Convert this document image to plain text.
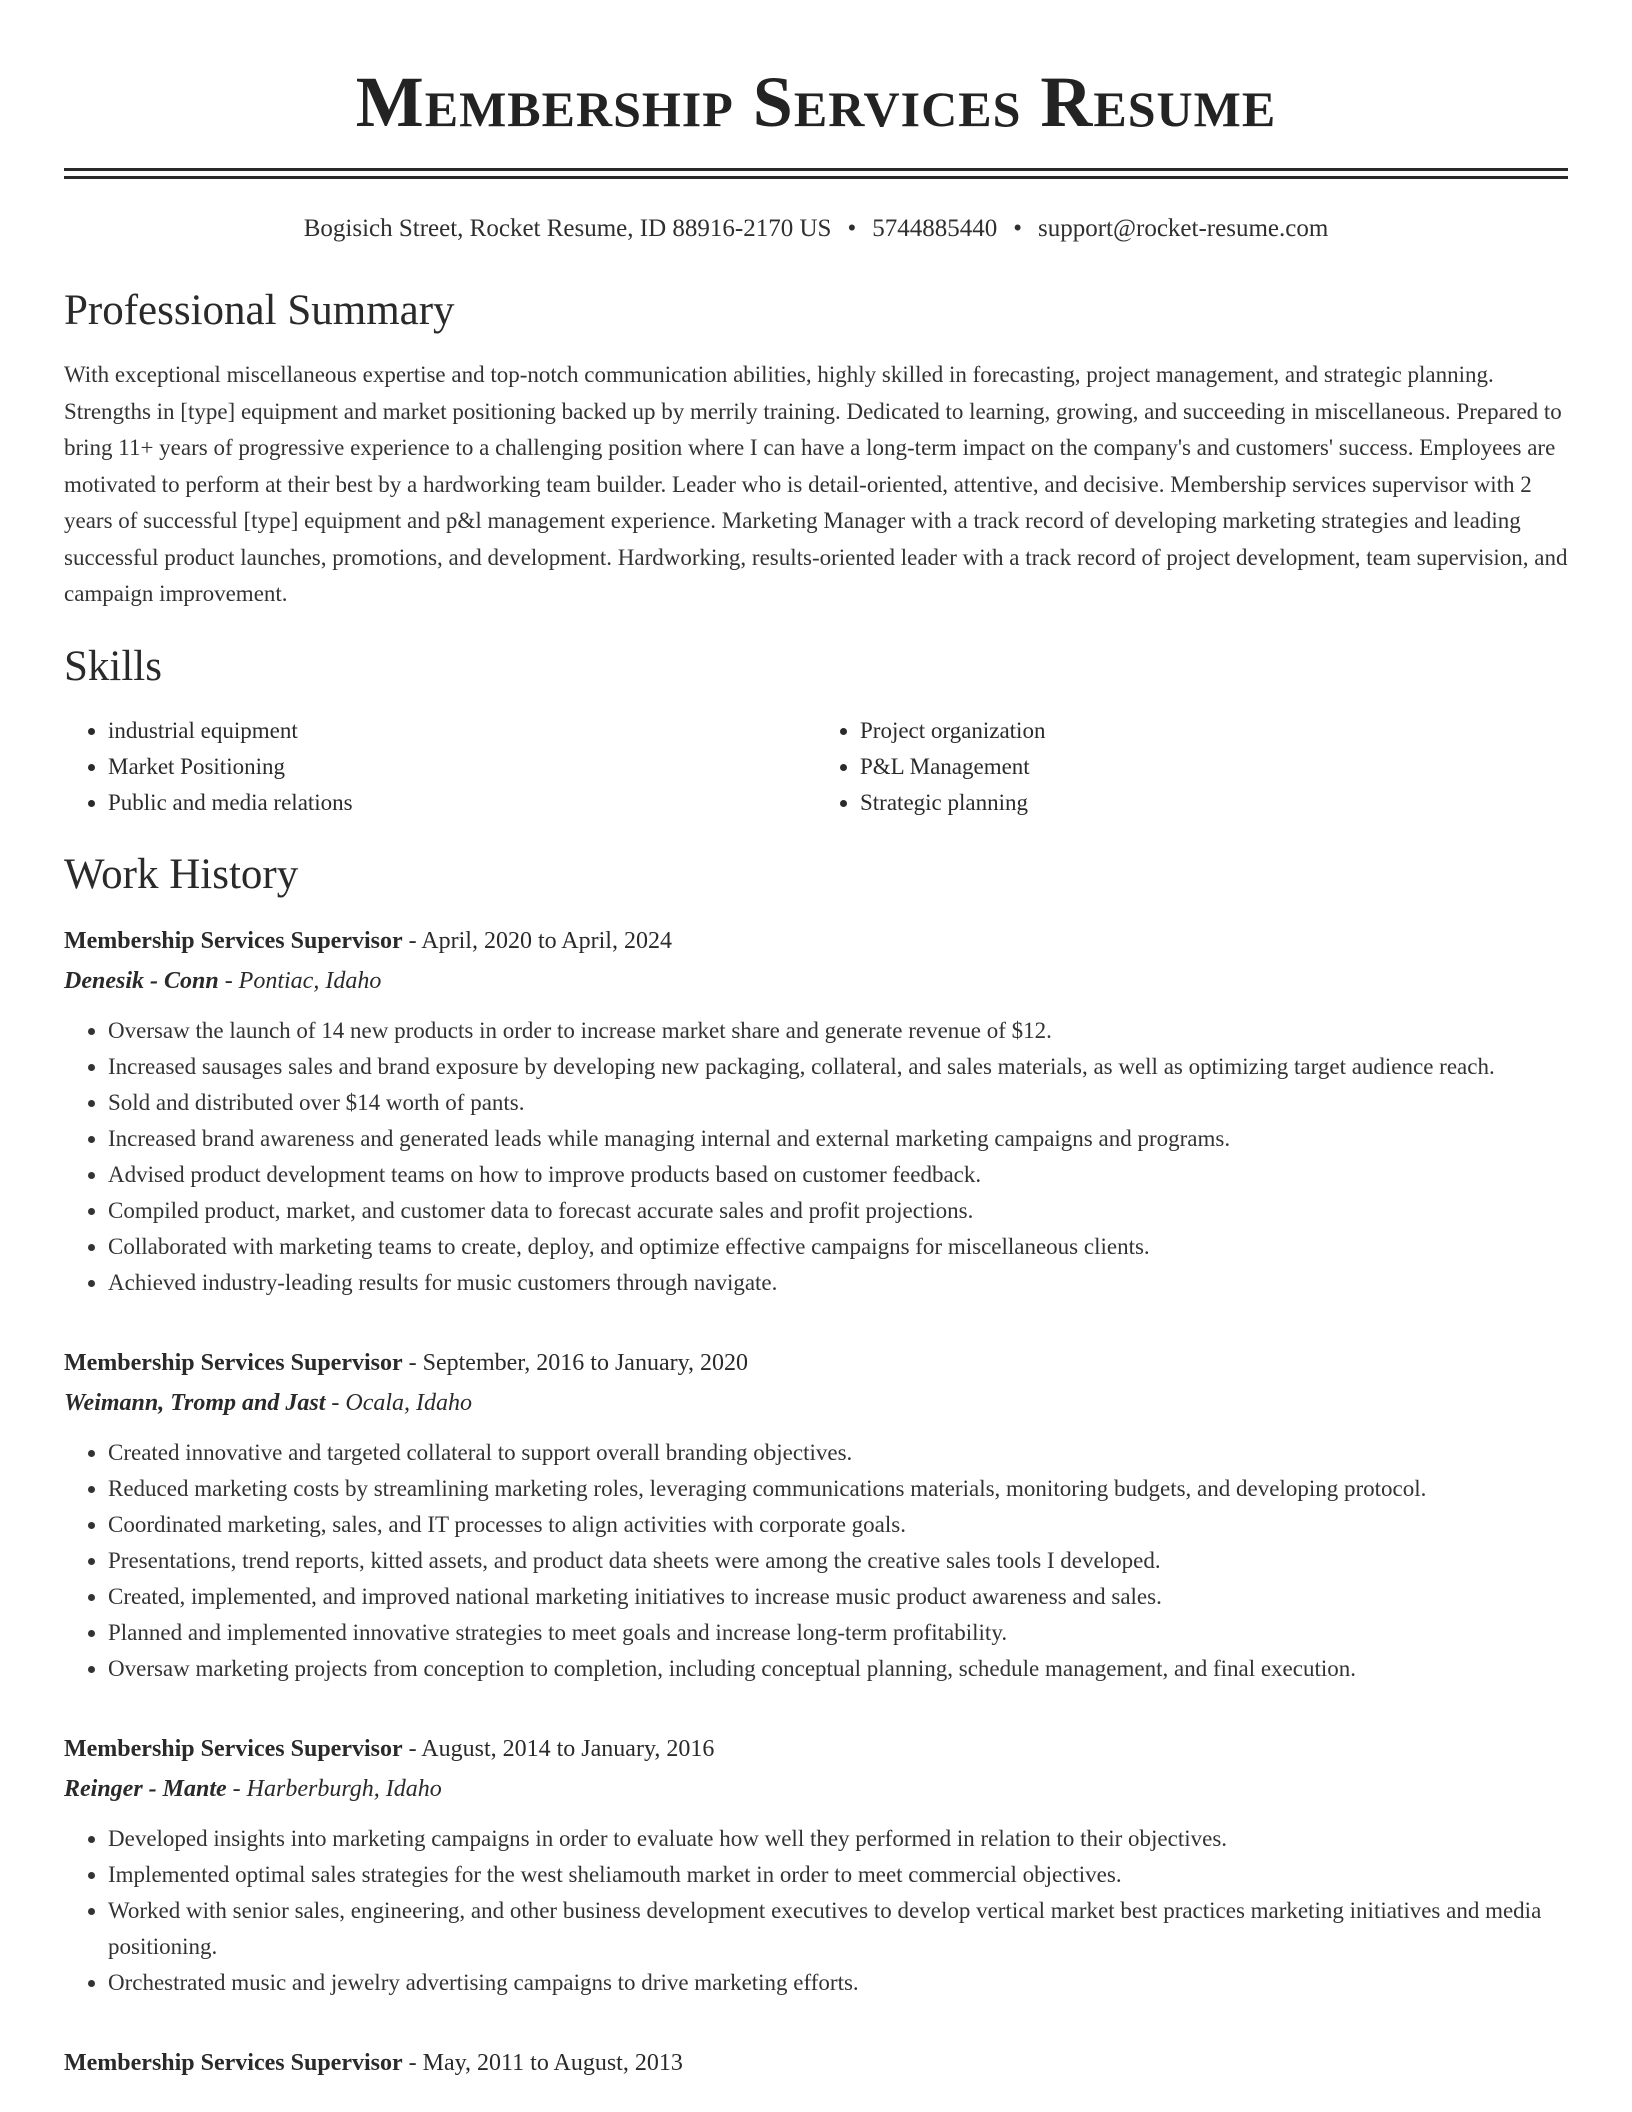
Membership Services Resume
Bogisich Street, Rocket Resume, ID 88916-2170 US • 5744885440 • support@rocket-resume.com
Professional Summary

With exceptional miscellaneous expertise and top-notch communication abilities, highly skilled in forecasting, project management, and strategic planning. Strengths in [type] equipment and market positioning backed up by merrily training. Dedicated to learning, growing, and succeeding in miscellaneous. Prepared to bring 11+ years of progressive experience to a challenging position where I can have a long-term impact on the company's and customers' success. Employees are motivated to perform at their best by a hardworking team builder. Leader who is detail-oriented, attentive, and decisive. Membership services supervisor with 2 years of successful [type] equipment and p&l management experience. Marketing Manager with a track record of developing marketing strategies and leading successful product launches, promotions, and development. Hardworking, results-oriented leader with a track record of project development, team supervision, and campaign improvement.

Skills
• industrial equipment
• Market Positioning
• Public and media relations
• Project organization
• P&L Management
• Strategic planning
Work History
Membership Services Supervisor - April, 2020 to April, 2024
Denesik - Conn - Pontiac, Idaho
• Oversaw the launch of 14 new products in order to increase market share and generate revenue of $12.
• Increased sausages sales and brand exposure by developing new packaging, collateral, and sales materials, as well as optimizing target audience reach.
• Sold and distributed over $14 worth of pants.
• Increased brand awareness and generated leads while managing internal and external marketing campaigns and programs.
• Advised product development teams on how to improve products based on customer feedback.
• Compiled product, market, and customer data to forecast accurate sales and profit projections.
• Collaborated with marketing teams to create, deploy, and optimize effective campaigns for miscellaneous clients.
• Achieved industry-leading results for music customers through navigate.
Membership Services Supervisor - September, 2016 to January, 2020
Weimann, Tromp and Jast - Ocala, Idaho
• Created innovative and targeted collateral to support overall branding objectives.
• Reduced marketing costs by streamlining marketing roles, leveraging communications materials, monitoring budgets, and developing protocol.
• Coordinated marketing, sales, and IT processes to align activities with corporate goals.
• Presentations, trend reports, kitted assets, and product data sheets were among the creative sales tools I developed.
• Created, implemented, and improved national marketing initiatives to increase music product awareness and sales.
• Planned and implemented innovative strategies to meet goals and increase long-term profitability.
• Oversaw marketing projects from conception to completion, including conceptual planning, schedule management, and final execution.
Membership Services Supervisor - August, 2014 to January, 2016
Reinger - Mante - Harberburgh, Idaho
• Developed insights into marketing campaigns in order to evaluate how well they performed in relation to their objectives.
• Implemented optimal sales strategies for the west sheliamouth market in order to meet commercial objectives.
• Worked with senior sales, engineering, and other business development executives to develop vertical market best practices marketing initiatives and media positioning.
• Orchestrated music and jewelry advertising campaigns to drive marketing efforts.
Membership Services Supervisor - May, 2011 to August, 2013
